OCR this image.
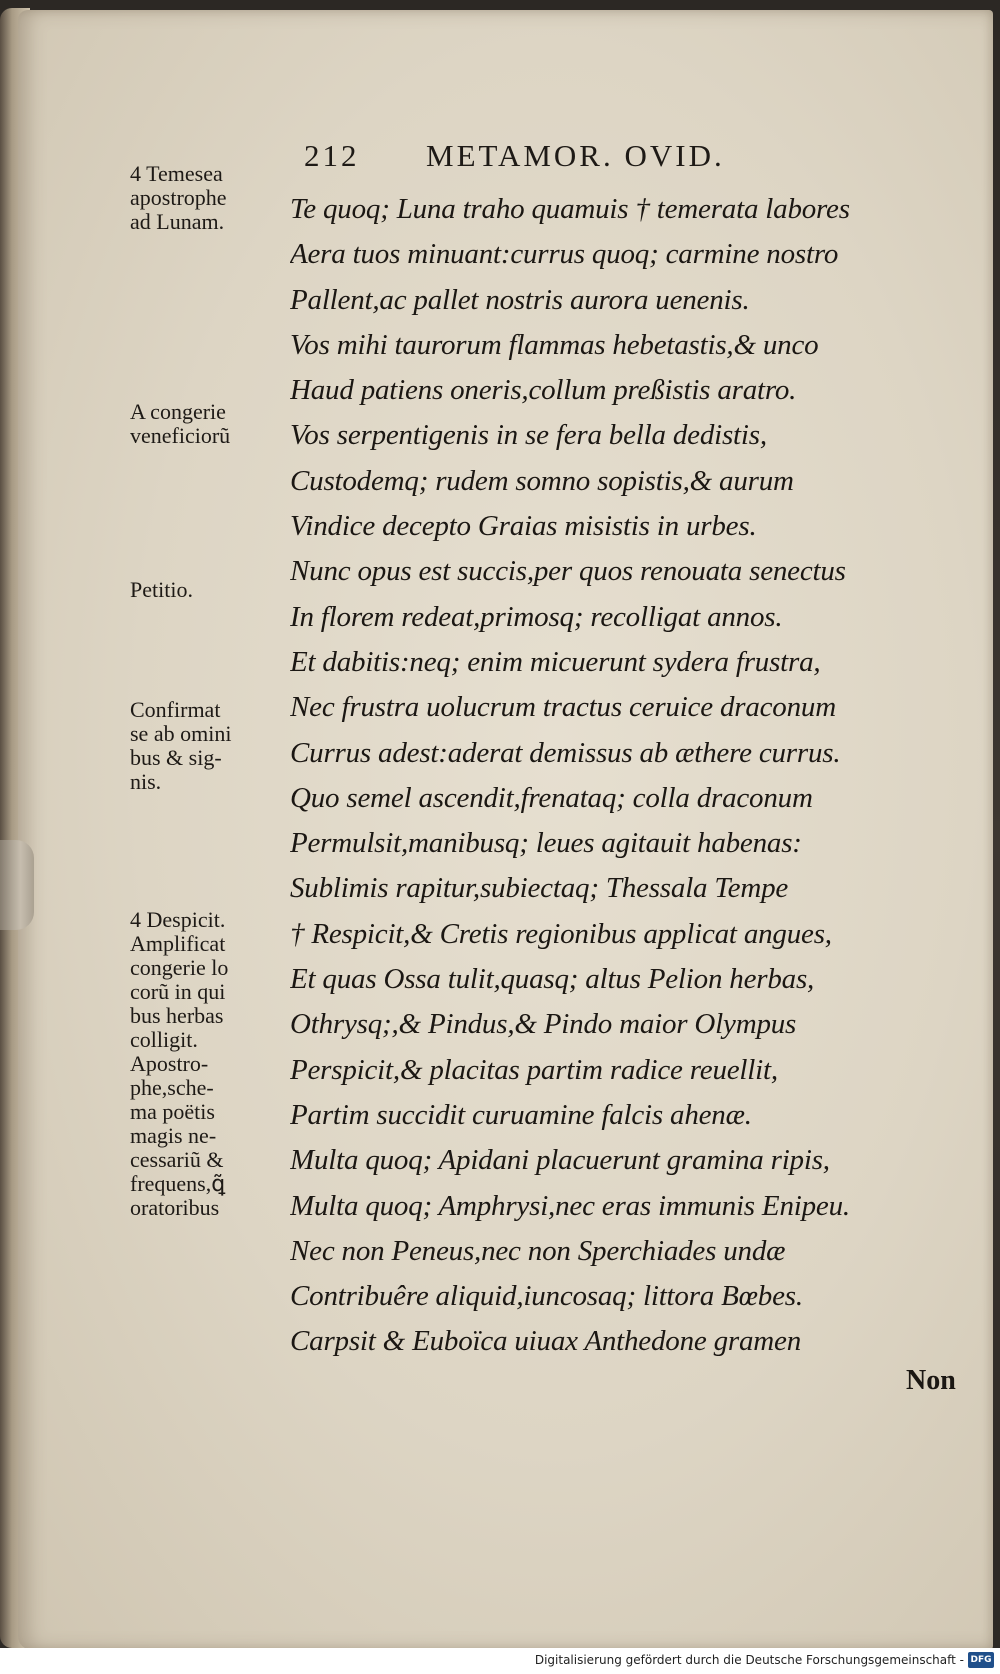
212 METAMOR. OVID.
4 Temesea
apostrophe
ad Lunam.
A congerie
veneficiorũ
Petitio.
Confirmat
se ab omini
bus & sig-
nis.
4 Despicit.
Amplificat
congerie lo
corũ in qui
bus herbas
colligit.
Apostro-
phe,sche-
ma poëtis
magis ne-
cessariũ &
frequens,ꝗ̃
oratoribus
Te quoq; Luna traho quamuis † temerata labores
Aera tuos minuant:currus quoq; carmine nostro
Pallent,ac pallet nostris aurora uenenis.
Vos mihi taurorum flammas hebetastis,& unco
Haud patiens oneris,collum preßistis aratro.
Vos serpentigenis in se fera bella dedistis,
Custodemq; rudem somno sopistis,& aurum
Vindice decepto Graias misistis in urbes.
Nunc opus est succis,per quos renouata senectus
In florem redeat,primosq; recolligat annos.
Et dabitis:neq; enim micuerunt sydera frustra,
Nec frustra uolucrum tractus ceruice draconum
Currus adest:aderat demissus ab æthere currus.
Quo semel ascendit,frenataq; colla draconum
Permulsit,manibusq; leues agitauit habenas:
Sublimis rapitur,subiectaq; Thessala Tempe
† Respicit,& Cretis regionibus applicat angues,
Et quas Ossa tulit,quasq; altus Pelion herbas,
Othrysq;,& Pindus,& Pindo maior Olympus
Perspicit,& placitas partim radice reuellit,
Partim succidit curuamine falcis ahenæ.
Multa quoq; Apidani placuerunt gramina ripis,
Multa quoq; Amphrysi,nec eras immunis Enipeu.
Nec non Peneus,nec non Sperchiades undæ
Contribuêre aliquid,iuncosaq; littora Bœbes.
Carpsit & Euboïca uiuax Anthedone gramen
Non
Digitalisierung gefördert durch die Deutsche Forschungsgemeinschaft - DFG
